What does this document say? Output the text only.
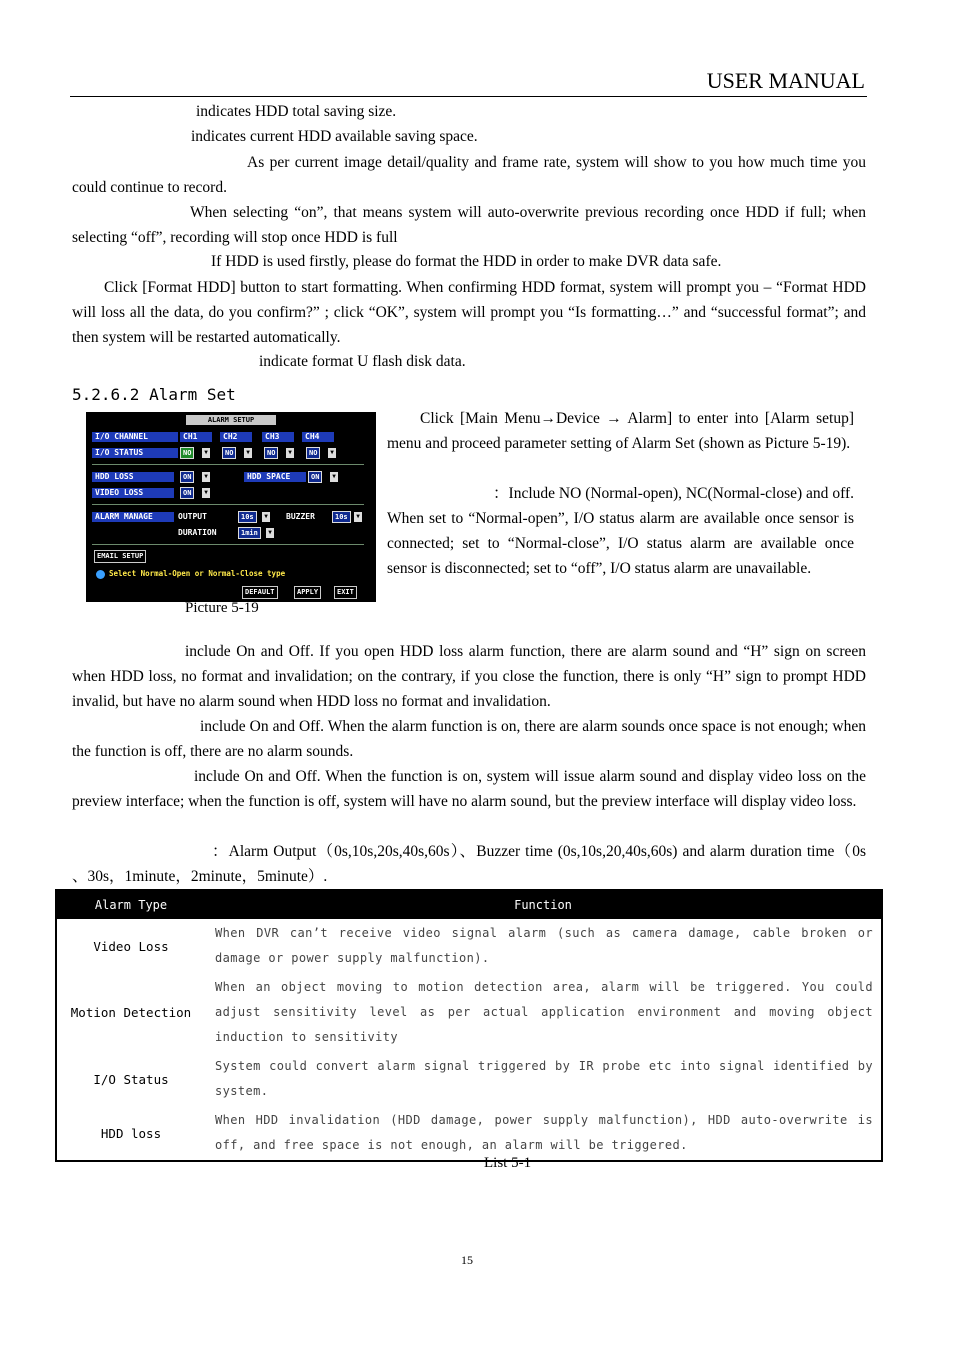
USER MANUAL
indicates HDD total saving size.
indicates current HDD available saving space.

As per current image detail/quality and frame rate, system will show to you how much time you could continue to record.

When selecting “on”, that means system will auto-overwrite previous recording once HDD if full; when selecting “off”, recording will stop once HDD is full

If HDD is used firstly, please do format the HDD in order to make DVR data safe.

Click [Format HDD] button to start formatting. When confirming HDD format, system will prompt you – “Format HDD will loss all the data, do you confirm?” ; click “OK”, system will prompt you “Is formatting…” and “successful format”; and then system will be restarted automatically.

indicate format U flash disk data.
5.2.6.2 Alarm Set
ALARM SETUP
I/O CHANNEL	CH1	CH2	CH3	CH4
I/O STATUS	NO	▼	NO	▼	NO	▼	NO	▼
HDD LOSS	ON	▼	HDD SPACE	ON	▼
VIDEO LOSS	ON	▼
ALARM MANAGE	OUTPUT	10s	▼ BUZZER	10s	▼
DURATION	1min	▼
EMAIL SETUP
Select Normal-Open or Normal-Close type
DEFAULT	APPLY	EXIT
Picture 5-19

Click [Main Menu→Device → Alarm] to enter into [Alarm setup] menu and proceed parameter setting of Alarm Set (shown as Picture 5-19).

：Include NO (Normal-open), NC(Normal-close) and off. When set to “Normal-open”, I/O status alarm are available once sensor is connected; set to “Normal-close”, I/O status alarm are available once sensor is disconnected; set to “off”, I/O status alarm are unavailable.

include On and Off. If you open HDD loss alarm function, there are alarm sound and “H” sign on screen when HDD loss, no format and invalidation; on the contrary, if you close the function, there is only “H” sign to prompt HDD invalid, but have no alarm sound when HDD loss no format and invalidation.

include On and Off. When the alarm function is on, there are alarm sounds once space is not enough; when the function is off, there are no alarm sounds.

include On and Off. When the function is on, system will issue alarm sound and display video loss on the preview interface; when the function is off, system will have no alarm sound, but the preview interface will display video loss.

：Alarm Output（0s,10s,20s,40s,60s）、Buzzer time (0s,10s,20,40s,60s) and alarm duration time（0s 、30s，1minute，2minute，5minute）.

Alarm Type	Function
Video Loss	When DVR can’t receive video signal alarm (such as camera damage, cable broken or damage or power supply malfunction).
Motion Detection	When an object moving to motion detection area, alarm will be triggered. You could adjust sensitivity level as per actual application environment and moving object induction to sensitivity
I/O Status	System could convert alarm signal triggered by IR probe etc into signal identified by system.
HDD loss	When HDD invalidation (HDD damage, power supply malfunction), HDD auto-overwrite is off, and free space is not enough, an alarm will be triggered.
List 5-1
15
